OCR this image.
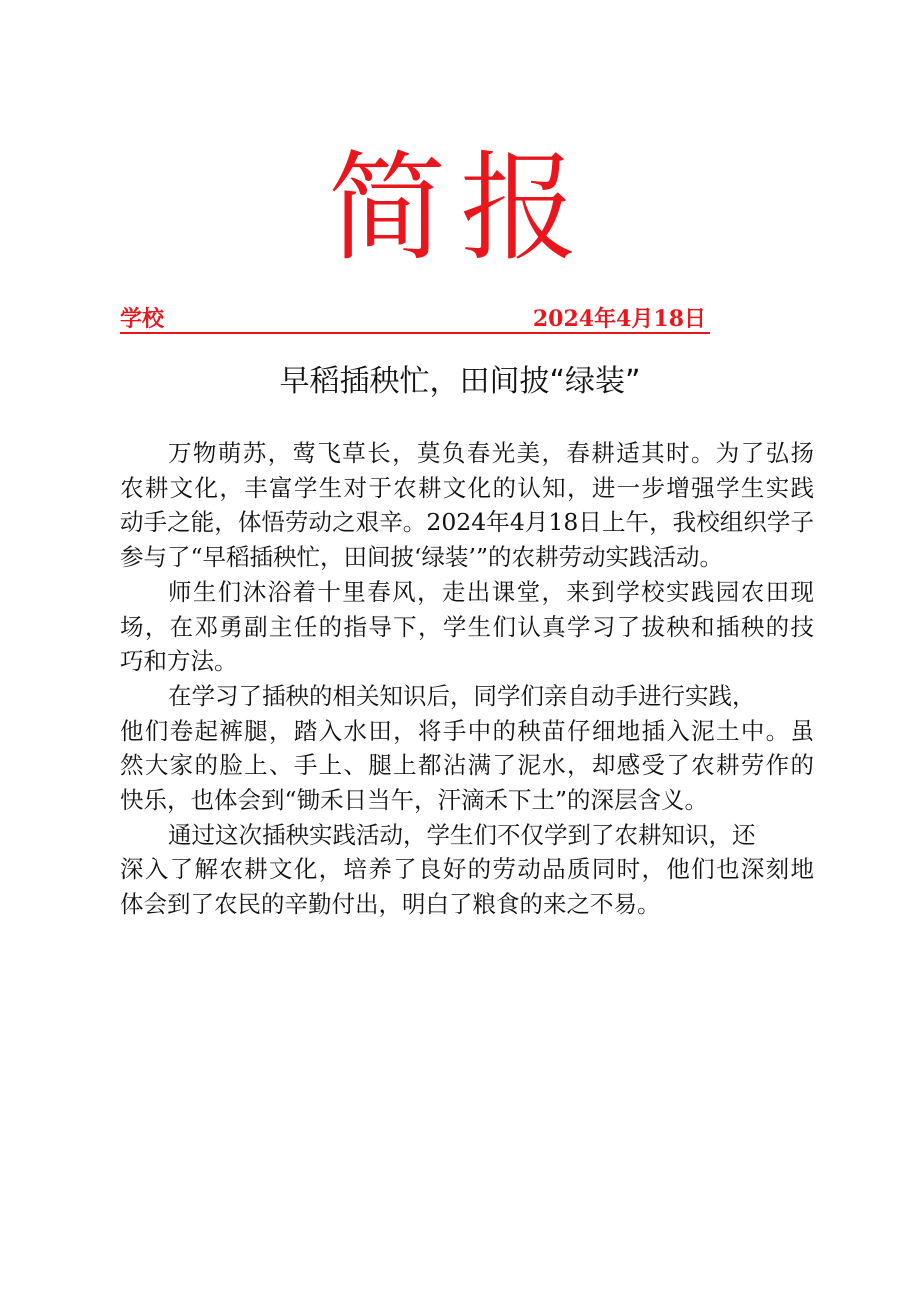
简报
学校	2024年4月18日
早稻插秧忙，田间披“绿装”
万物萌苏，莺飞草长，莫负春光美，春耕适其时。为了弘扬
农耕文化，丰富学生对于农耕文化的认知，进一步增强学生实践
动手之能，体悟劳动之艰辛。2024年4月18日上午，我校组织学子
参与了“早稻插秧忙，田间披‘绿装’”的农耕劳动实践活动。
师生们沐浴着十里春风，走出课堂，来到学校实践园农田现
场，在邓勇副主任的指导下，学生们认真学习了拔秧和插秧的技
巧和方法。
在学习了插秧的相关知识后，同学们亲自动手进行实践，
他们卷起裤腿，踏入水田，将手中的秧苗仔细地插入泥土中。虽
然大家的脸上、手上、腿上都沾满了泥水，却感受了农耕劳作的
快乐，也体会到“锄禾日当午，汗滴禾下土”的深层含义。
通过这次插秧实践活动，学生们不仅学到了农耕知识，还
深入了解农耕文化，培养了良好的劳动品质同时，他们也深刻地
体会到了农民的辛勤付出，明白了粮食的来之不易。
